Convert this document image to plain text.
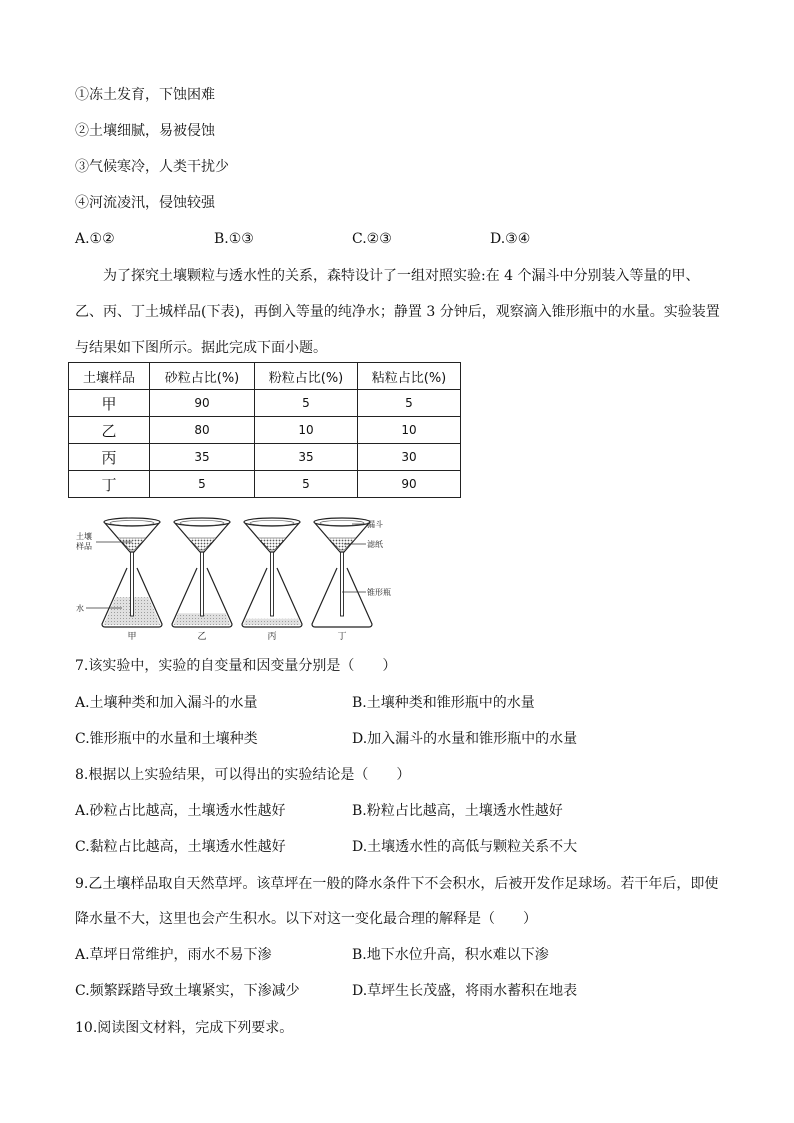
①冻土发育，下蚀困难
②土壤细腻，易被侵蚀
③气候寒冷，人类干扰少
④河流凌汛，侵蚀较强
A.①②	B.①③	C.②③	D.③④
为了探究土壤颗粒与透水性的关系，森特设计了一组对照实验:在 4 个漏斗中分别装入等量的甲、
乙、丙、丁土城样品(下表)，再倒入等量的纯净水；静置 3 分钟后，观察滴入锥形瓶中的水量。实验装置
与结果如下图所示。据此完成下面小题。
土壤样品	砂粒占比(%)	粉粒占比(%)	粘粒占比(%)
甲	90	5	5
乙	80	10	10
丙	35	35	30
丁	5	5	90
甲	乙	丙	丁
土壤
样品
水
漏斗
滤纸
锥形瓶
7.该实验中，实验的自变量和因变量分别是（　　）
A.土壤种类和加入漏斗的水量	B.土壤种类和锥形瓶中的水量
C.锥形瓶中的水量和土壤种类	D.加入漏斗的水量和锥形瓶中的水量
8.根据以上实验结果，可以得出的实验结论是（　　）
A.砂粒占比越高，土壤透水性越好	B.粉粒占比越高，土壤透水性越好
C.黏粒占比越高，土壤透水性越好	D.土壤透水性的高低与颗粒关系不大
9.乙土壤样品取自天然草坪。该草坪在一般的降水条件下不会积水，后被开发作足球场。若干年后，即使
降水量不大，这里也会产生积水。以下对这一变化最合理的解释是（　　）
A.草坪日常维护，雨水不易下渗	B.地下水位升高，积水难以下渗
C.频繁踩踏导致土壤紧实，下渗减少	D.草坪生长茂盛，将雨水蓄积在地表
10.阅读图文材料，完成下列要求。
